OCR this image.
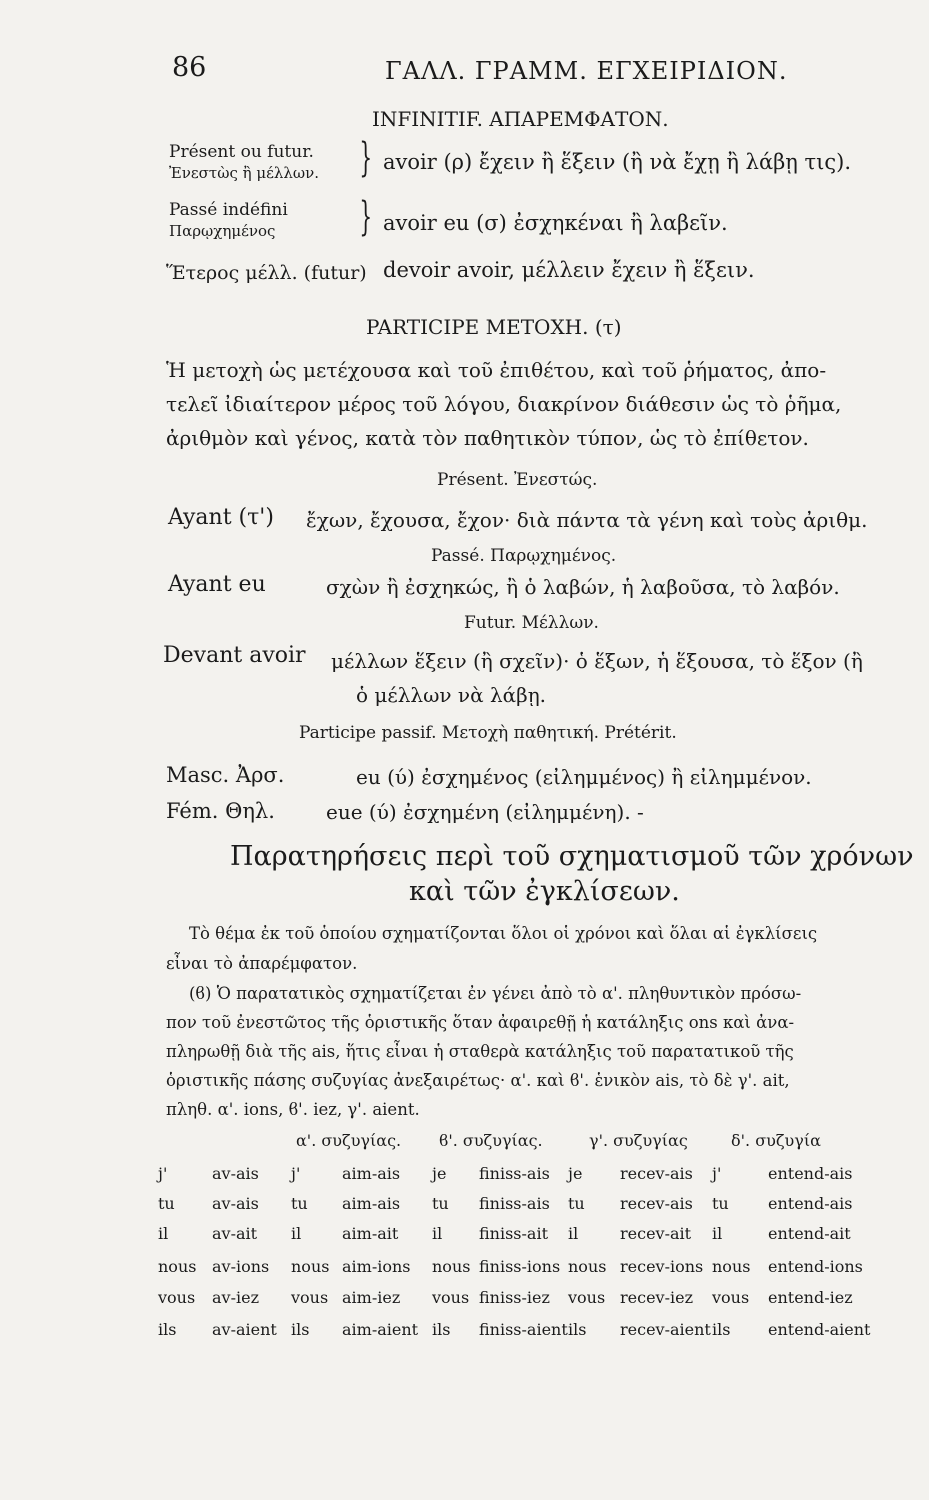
86	ΓΑΛΛ. ΓΡΑΜΜ. ΕΓΧΕΙΡΙΔΙΟΝ.
INFINITIF. ΑΠΑΡΕΜΦΑΤΟΝ.
Présent ou futur.
Ἐνεστὼς ἢ μέλλων. } avoir (ρ) ἔχειν ἢ ἕξειν (ἢ νὰ ἔχῃ ἢ λάβῃ τις).
Passé indéfini
Παρῳχημένος } avoir eu (σ) ἐσχηκέναι ἢ λαβεῖν.
Ἕτερος μέλλ. (futur) devoir avoir, μέλλειν ἔχειν ἢ ἕξειν.
PARTICIPE ΜΕΤΟΧΗ. (τ)
Ἡ μετοχὴ ὡς μετέχουσα καὶ τοῦ ἐπιθέτου, καὶ τοῦ ῥήματος, ἀπο-
τελεῖ ἰδιαίτερον μέρος τοῦ λόγου, διακρίνον διάθεσιν ὡς τὸ ῥῆμα,
ἀριθμὸν καὶ γένος, κατὰ τὸν παθητικὸν τύπον, ὡς τὸ ἐπίθετον.
Présent. Ἐνεστώς.
Ayant (τ') ἔχων, ἔχουσα, ἔχον· διὰ πάντα τὰ γένη καὶ τοὺς ἀριθμ.
Passé. Παρῳχημένος.
Ayant eu	σχὼν ἢ ἐσχηκώς, ἢ ὁ λαβών, ἡ λαβοῦσα, τὸ λαβόν.
Futur. Μέλλων.
Devant avoir μέλλων ἕξειν (ἢ σχεῖν)· ὁ ἕξων, ἡ ἕξουσα, τὸ ἕξον (ἢ
ὁ μέλλων νὰ λάβῃ.
Participe passif. Μετοχὴ παθητική. Prétérit.
Masc. Ἀρσ.	eu (ύ) ἐσχημένος (εἰλημμένος) ἢ εἰλημμένον.
Fém. Θηλ.	eue (ύ) ἐσχημένη (εἰλημμένη). -
Παρατηρήσεις περὶ τοῦ σχηματισμοῦ τῶν χρόνων
καὶ τῶν ἐγκλίσεων.
Τὸ θέμα ἐκ τοῦ ὁποίου σχηματίζονται ὅλοι οἱ χρόνοι καὶ ὅλαι αἱ ἐγκλίσεις
εἶναι τὸ ἀπαρέμφατον.
(ϐ) Ὁ παρατατικὸς σχηματίζεται ἐν γένει ἀπὸ τὸ α'. πληθυντικὸν πρόσω-
πον τοῦ ἐνεστῶτος τῆς ὁριστικῆς ὅταν ἀφαιρεθῇ ἡ κατάληξις ons καὶ ἀνα-
πληρωθῇ διὰ τῆς ais, ἥτις εἶναι ἡ σταθερὰ κατάληξις τοῦ παρατατικοῦ τῆς
ὁριστικῆς πάσης συζυγίας ἀνεξαιρέτως· α'. καὶ ϐ'. ἑνικὸν ais, τὸ δὲ γ'. ait,
πληθ. α'. ions, ϐ'. iez, γ'. aient.
α'. συζυγίας. ϐ'. συζυγίας.	γ'. συζυγίας	δ'. συζυγία
j'	av-ais j'	aim-ais je finiss-ais je recev-ais j'	entend-ais
tu av-ais tu aim-ais tu finiss-ais tu recev-ais tu entend-ais
il	av-ait il	aim-ait il finiss-ait il	recev-ait il	entend-ait
nous av-ions nous aim-ions nous finiss-ions nous recev-ions nous entend-ions
vous av-iez vous aim-iez vous finiss-iez vous recev-iez vous entend-iez
ils av-aient ils aim-aient ils finiss-aient ils recev-aient ils entend-aient
